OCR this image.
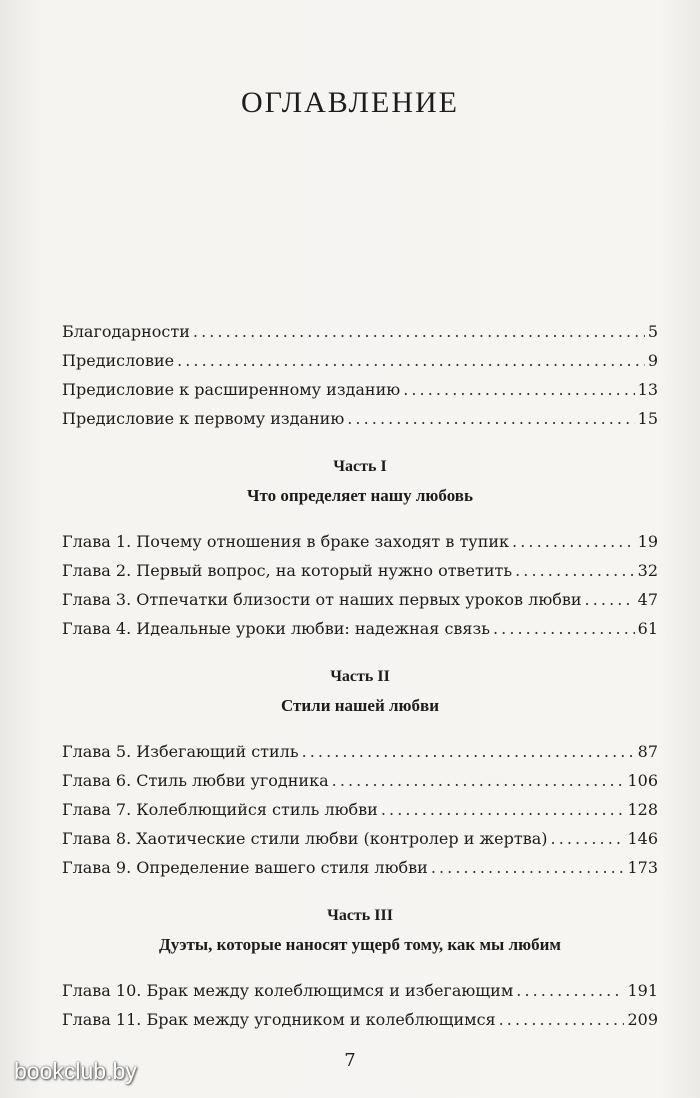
ОГЛАВЛЕНИЕ
Благодарности . . .	5
Предисловие . . .	9
Предисловие к расширенному изданию . . .	13
Предисловие к первому изданию . . .	15
Часть I
Что определяет нашу любовь
Глава 1. Почему отношения в браке заходят в тупик . . .	19
Глава 2. Первый вопрос, на который нужно ответить . . .	32
Глава 3. Отпечатки близости от наших первых уроков любви . . .	47
Глава 4. Идеальные уроки любви: надежная связь . . .	61
Часть II
Стили нашей любви
Глава 5. Избегающий стиль . . .	87
Глава 6. Стиль любви угодника . . .	106
Глава 7. Колеблющийся стиль любви . . .	128
Глава 8. Хаотические стили любви (контролер и жертва) . . .	146
Глава 9. Определение вашего стиля любви . . .	173
Часть III
Дуэты, которые наносят ущерб тому, как мы любим
Глава 10. Брак между колеблющимся и избегающим . . .	191
Глава 11. Брак между угодником и колеблющимся . . .	209
7
bookclub.by
